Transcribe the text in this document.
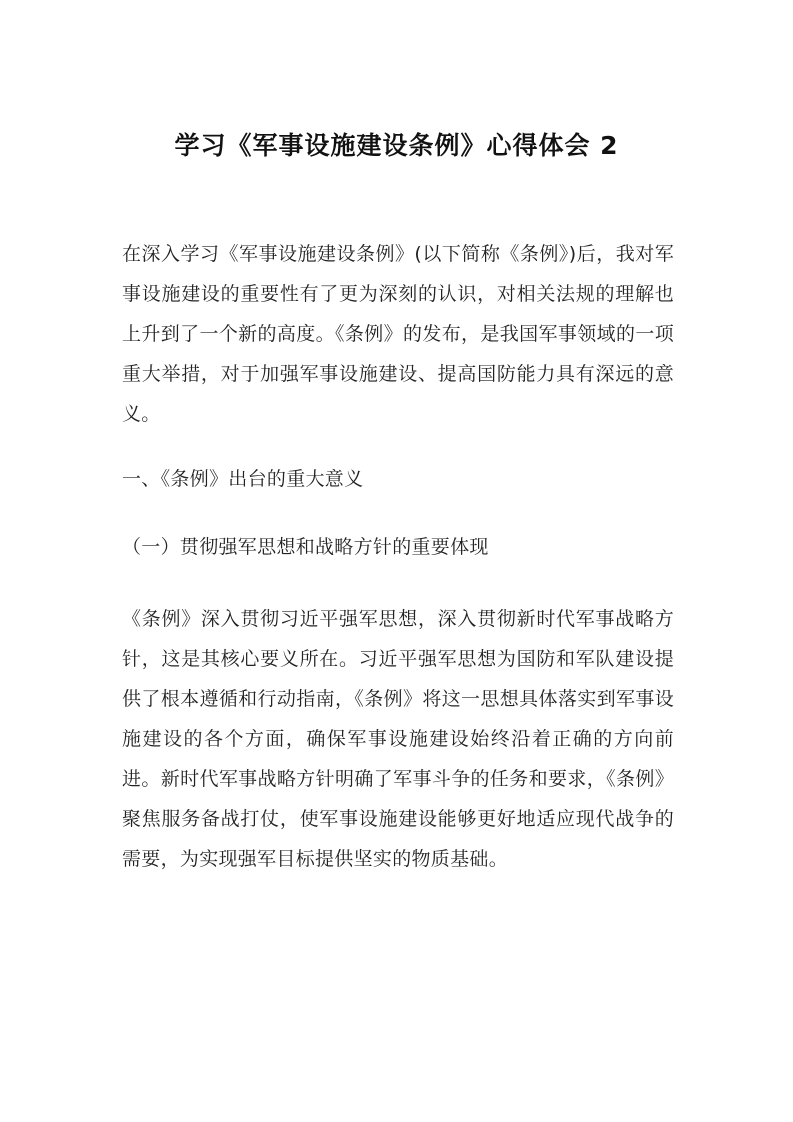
学习《军事设施建设条例》心得体会 2

在深入学习《军事设施建设条例》(以下简称《条例》)后，我对军事设施建设的重要性有了更为深刻的认识，对相关法规的理解也上升到了一个新的高度。《条例》的发布，是我国军事领域的一项重大举措，对于加强军事设施建设、提高国防能力具有深远的意义。

一、《条例》出台的重大意义

（一）贯彻强军思想和战略方针的重要体现

《条例》深入贯彻习近平强军思想，深入贯彻新时代军事战略方针，这是其核心要义所在。习近平强军思想为国防和军队建设提供了根本遵循和行动指南，《条例》将这一思想具体落实到军事设施建设的各个方面，确保军事设施建设始终沿着正确的方向前进。新时代军事战略方针明确了军事斗争的任务和要求，《条例》聚焦服务备战打仗，使军事设施建设能够更好地适应现代战争的需要，为实现强军目标提供坚实的物质基础。
